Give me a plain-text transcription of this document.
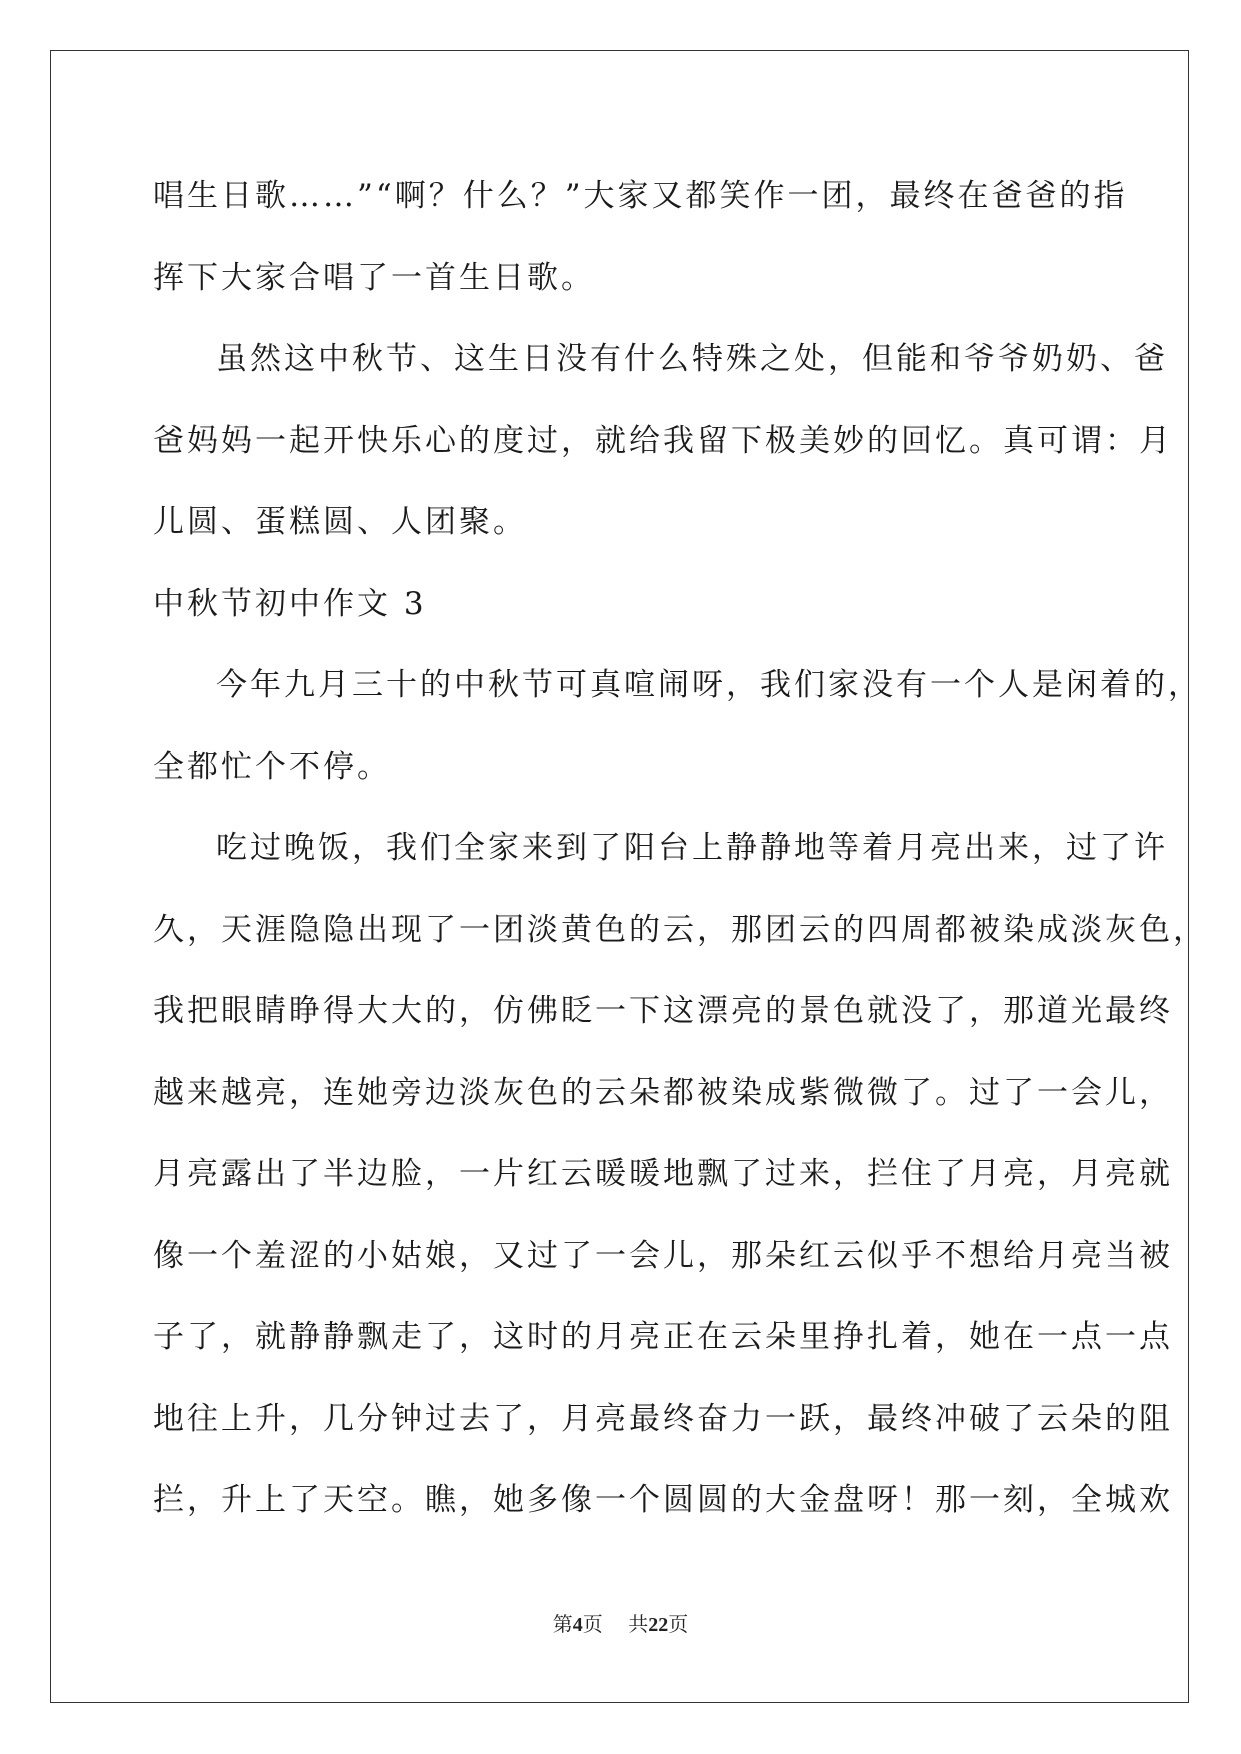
唱生日歌……”“啊？什么？”大家又都笑作一团，最终在爸爸的指

挥下大家合唱了一首生日歌。

虽然这中秋节、这生日没有什么特殊之处，但能和爷爷奶奶、爸

爸妈妈一起开快乐心的度过，就给我留下极美妙的回忆。真可谓：月

儿圆、蛋糕圆、人团聚。

中秋节初中作文 3

今年九月三十的中秋节可真喧闹呀，我们家没有一个人是闲着的，

全都忙个不停。

吃过晚饭，我们全家来到了阳台上静静地等着月亮出来，过了许

久，天涯隐隐出现了一团淡黄色的云，那团云的四周都被染成淡灰色，

我把眼睛睁得大大的，仿佛眨一下这漂亮的景色就没了，那道光最终

越来越亮，连她旁边淡灰色的云朵都被染成紫微微了。过了一会儿，

月亮露出了半边脸，一片红云暖暖地飘了过来，拦住了月亮，月亮就

像一个羞涩的小姑娘，又过了一会儿，那朵红云似乎不想给月亮当被

子了，就静静飘走了，这时的月亮正在云朵里挣扎着，她在一点一点

地往上升，几分钟过去了，月亮最终奋力一跃，最终冲破了云朵的阻

拦，升上了天空。瞧，她多像一个圆圆的大金盘呀！那一刻，全城欢

第4页 共22页
